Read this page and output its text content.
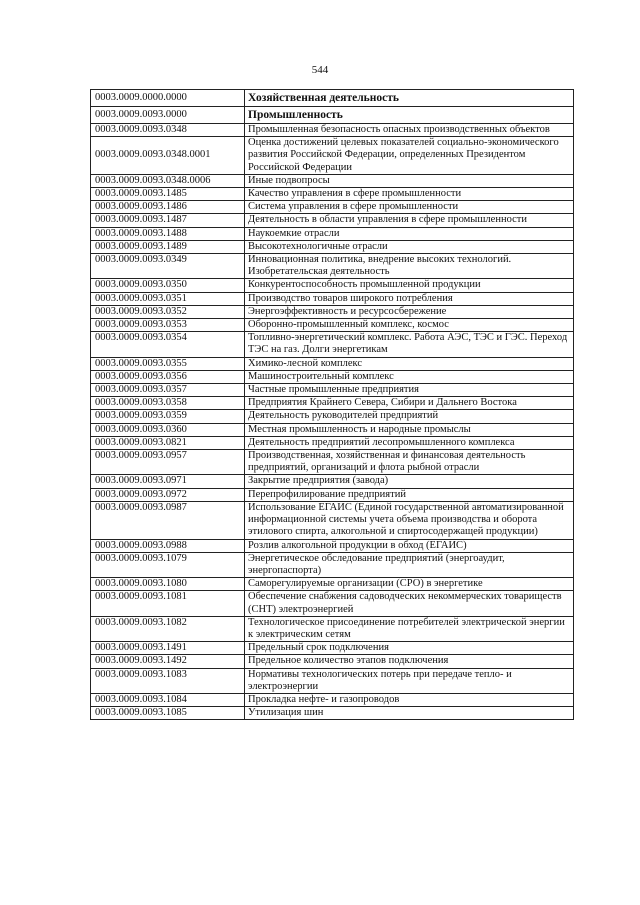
544
0003.0009.0000.0000	Хозяйственная деятельность
0003.0009.0093.0000	Промышленность
0003.0009.0093.0348	Промышленная безопасность опасных производственных объектов
0003.0009.0093.0348.0001	Оценка достижений целевых показателей социально-экономического развития Российской Федерации, определенных Президентом Российской Федерации
0003.0009.0093.0348.0006	Иные подвопросы
0003.0009.0093.1485	Качество управления в сфере промышленности
0003.0009.0093.1486	Система управления в сфере промышленности
0003.0009.0093.1487	Деятельность в области управления в сфере промышленности
0003.0009.0093.1488	Наукоемкие отрасли
0003.0009.0093.1489	Высокотехнологичные отрасли
0003.0009.0093.0349	Инновационная политика, внедрение высоких технологий. Изобретательская деятельность
0003.0009.0093.0350	Конкурентоспособность промышленной продукции
0003.0009.0093.0351	Производство товаров широкого потребления
0003.0009.0093.0352	Энергоэффективность и ресурсосбережение
0003.0009.0093.0353	Оборонно-промышленный комплекс, космос
0003.0009.0093.0354	Топливно-энергетический комплекс. Работа АЭС, ТЭС и ГЭС. Переход ТЭС на газ. Долги энергетикам
0003.0009.0093.0355	Химико-лесной комплекс
0003.0009.0093.0356	Машиностроительный комплекс
0003.0009.0093.0357	Частные промышленные предприятия
0003.0009.0093.0358	Предприятия Крайнего Севера, Сибири и Дальнего Востока
0003.0009.0093.0359	Деятельность руководителей предприятий
0003.0009.0093.0360	Местная промышленность и народные промыслы
0003.0009.0093.0821	Деятельность предприятий лесопромышленного комплекса
0003.0009.0093.0957	Производственная, хозяйственная и финансовая деятельность предприятий, организаций и флота рыбной отрасли
0003.0009.0093.0971	Закрытие предприятия (завода)
0003.0009.0093.0972	Перепрофилирование предприятий
0003.0009.0093.0987	Использование ЕГАИС (Единой государственной автоматизированной информационной системы учета объема производства и оборота этилового спирта, алкогольной и спиртосодержащей продукции)
0003.0009.0093.0988	Розлив алкогольной продукции в обход (ЕГАИС)
0003.0009.0093.1079	Энергетическое обследование предприятий (энергоаудит, энергопаспорта)
0003.0009.0093.1080	Саморегулируемые организации (СРО) в энергетике
0003.0009.0093.1081	Обеспечение снабжения садоводческих некоммерческих товариществ (СНТ) электроэнергией
0003.0009.0093.1082	Технологическое присоединение потребителей электрической энергии к электрическим сетям
0003.0009.0093.1491	Предельный срок подключения
0003.0009.0093.1492	Предельное количество этапов подключения
0003.0009.0093.1083	Нормативы технологических потерь при передаче тепло- и электроэнергии
0003.0009.0093.1084	Прокладка нефте- и газопроводов
0003.0009.0093.1085	Утилизация шин
